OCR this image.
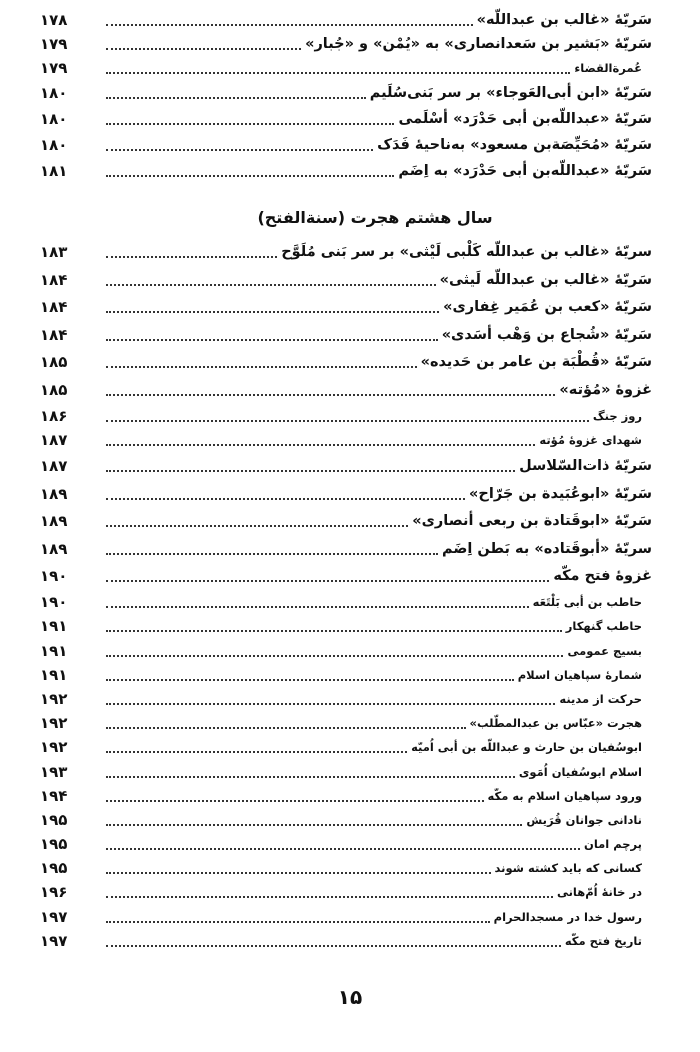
سَریّهٔ «غالب بن عبداللّه»
۱۷۸
سَریّهٔ «بَشیر بن سَعدانصاری» به «یُمْن» و «جُبار»
۱۷۹
عُمرةالقضاء
۱۷۹
سَریّهٔ «ابن أبی‌العَوجاء» بر سر بَنی‌سُلَیم
۱۸۰
سَریّهٔ «عبداللّه‌بن أبی حَدْرَد» أسْلَمی
۱۸۰
سَریّهٔ «مُحَیِّصَة‌بن مسعود» به‌ناحیهٔ فَدَک
۱۸۰
سَریّهٔ «عبداللّه‌بن أبی حَدْرَد» به اِضَم
۱۸۱
سال هشتم هجرت (سنةالفتح)
سریّهٔ «غالب بن عبداللّه کَلْبی لَیْثی» بر سر بَنی مُلَوَّح
۱۸۳
سَریّهٔ «غالب بن عبداللّه لَیثی»
۱۸۴
سَریّهٔ «کعب بن عُمَیر غِفاری»
۱۸۴
سَریّهٔ «شُجاع بن وَهْب أسَدی»
۱۸۴
سَریّهٔ «قُطْبَة بن عامر بن حَدیده»
۱۸۵
غزوهٔ «مُؤته»
۱۸۵
روز جنگ
۱۸۶
شهدای غزوهٔ مُؤته
۱۸۷
سَریّهٔ ذات‌السّلاسل
۱۸۷
سَریّهٔ «ابوعُبَیدة بن جَرّاح»
۱۸۹
سَریّهٔ «ابوقَتادة بن ربعی أنصاری»
۱۸۹
سریّهٔ «أبوقَتاده» به بَطن اِضَم
۱۸۹
غزوهٔ فتح مکّه
۱۹۰
حاطب بن أبی بَلْتَعَه
۱۹۰
حاطب گنهکار
۱۹۱
بسیج عمومی
۱۹۱
شمارهٔ سپاهیان اسلام
۱۹۱
حرکت از مدینه
۱۹۲
هجرت «عبّاس بن عبدالمطّلب»
۱۹۲
ابوسُفیان بن حارث و عبداللّه بن أبی اُمیّه
۱۹۲
اسلام ابوسُفیان اُمَوی
۱۹۳
ورود سپاهیان اسلام به مکّه
۱۹۴
نادانی جوانان قُرَیش
۱۹۵
پرچم امان
۱۹۵
کسانی که باید کشته شوند
۱۹۵
در خانهٔ اُمّ‌هانی
۱۹۶
رسول خدا در مسجدالحرام
۱۹۷
تاریخ فتح مکّه
۱۹۷
۱۵
